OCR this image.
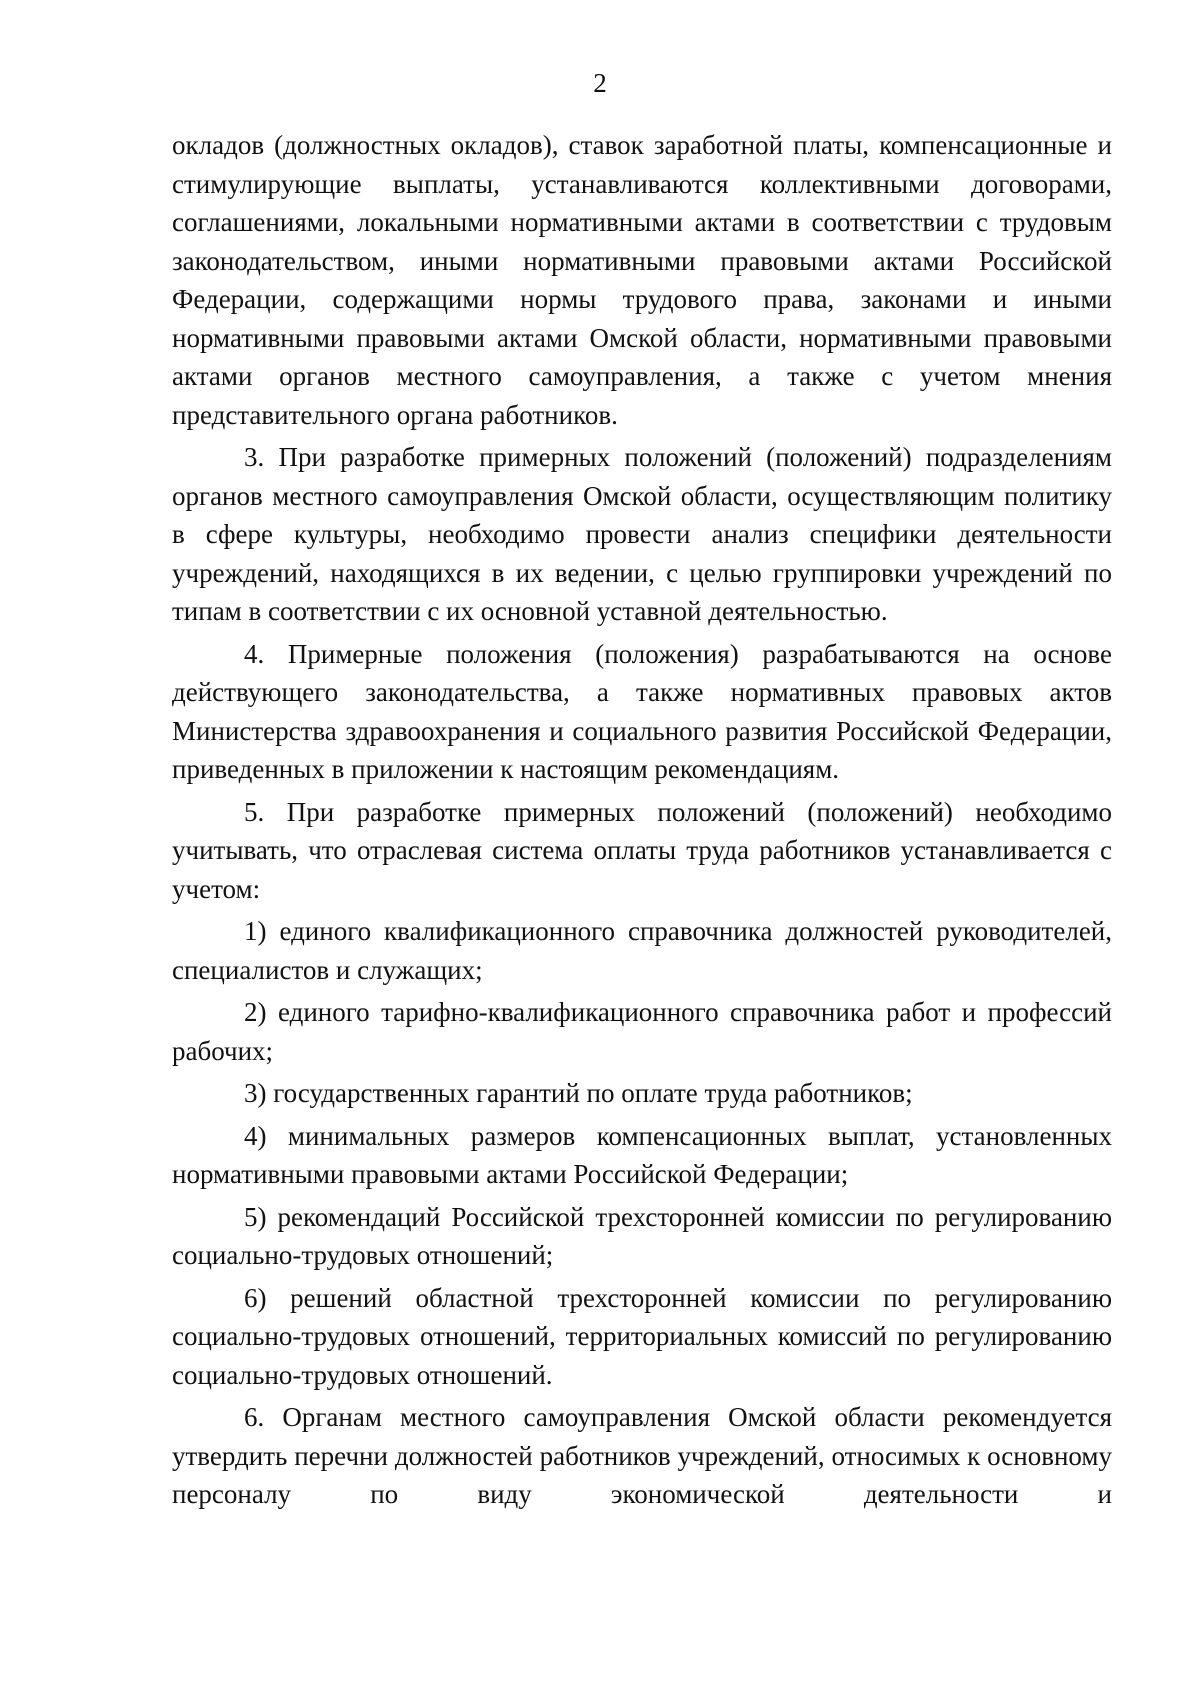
2

окладов (должностных окладов), ставок заработной платы, компенсационные и стимулирующие выплаты, устанавливаются коллективными договорами, соглашениями, локальными нормативными актами в соответствии с трудовым законодательством, иными нормативными правовыми актами Российской Федерации, содержащими нормы трудового права, законами и иными нормативными правовыми актами Омской области, нормативными правовыми актами органов местного самоуправления, а также с учетом мнения представительного органа работников.

3. При разработке примерных положений (положений) подразделениям органов местного самоуправления Омской области, осуществляющим политику в сфере культуры, необходимо провести анализ специфики деятельности учреждений, находящихся в их ведении, с целью группировки учреждений по типам в соответствии с их основной уставной деятельностью.

4. Примерные положения (положения) разрабатываются на основе действующего законодательства, а также нормативных правовых актов Министерства здравоохранения и социального развития Российской Федерации, приведенных в приложении к настоящим рекомендациям.

5. При разработке примерных положений (положений) необходимо учитывать, что отраслевая система оплаты труда работников устанавливается с учетом:

1) единого квалификационного справочника должностей руководителей, специалистов и служащих;

2) единого тарифно-квалификационного справочника работ и профессий рабочих;

3) государственных гарантий по оплате труда работников;

4) минимальных размеров компенсационных выплат, установленных нормативными правовыми актами Российской Федерации;

5) рекомендаций Российской трехсторонней комиссии по регулированию социально-трудовых отношений;

6) решений областной трехсторонней комиссии по регулированию социально-трудовых отношений, территориальных комиссий по регулированию социально-трудовых отношений.

6. Органам местного самоуправления Омской области рекомендуется утвердить перечни должностей работников учреждений, относимых к основному персоналу по виду экономической деятельности и
